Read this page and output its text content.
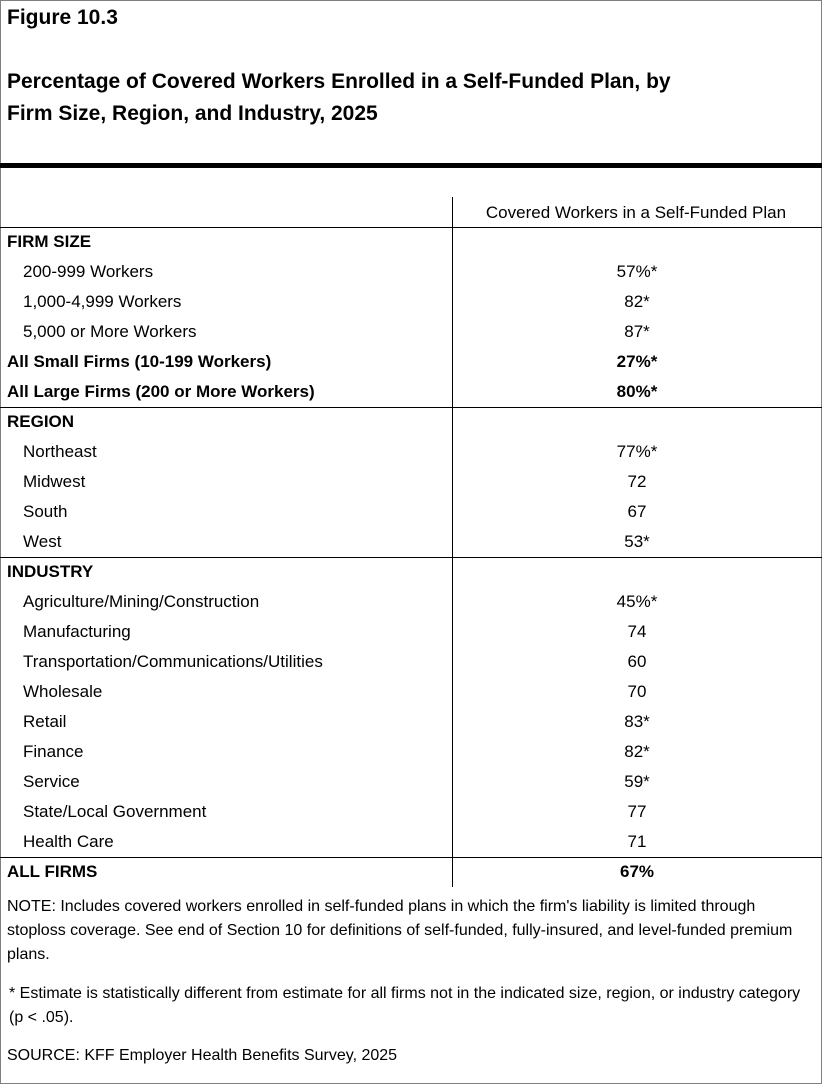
Figure 10.3
Percentage of Covered Workers Enrolled in a Self-Funded Plan, by
Firm Size, Region, and Industry, 2025
Covered Workers in a Self-Funded Plan
FIRM SIZE
200-999 Workers	57%*
1,000-4,999 Workers	82*
5,000 or More Workers	87*
All Small Firms (10-199 Workers)	27%*
All Large Firms (200 or More Workers)	80%*
REGION
Northeast	77%*
Midwest	72
South	67
West	53*
INDUSTRY
Agriculture/Mining/Construction	45%*
Manufacturing	74
Transportation/Communications/Utilities	60
Wholesale	70
Retail	83*
Finance	82*
Service	59*
State/Local Government	77
Health Care	71
ALL FIRMS	67%
NOTE: Includes covered workers enrolled in self-funded plans in which the firm's liability is limited through stoploss coverage. See end of Section 10 for definitions of self-funded, fully-insured, and level-funded premium plans.
* Estimate is statistically different from estimate for all firms not in the indicated size, region, or industry category (p < .05).
SOURCE: KFF Employer Health Benefits Survey, 2025
